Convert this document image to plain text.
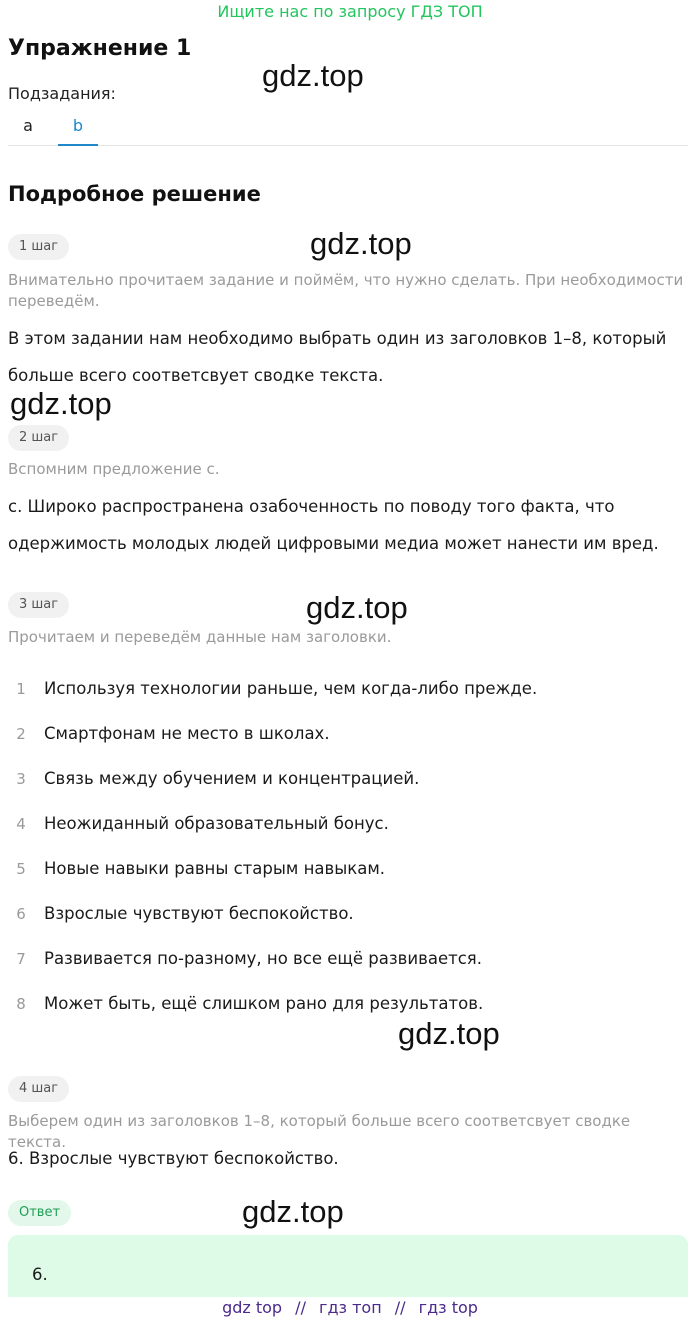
Ищите нас по запросу ГДЗ ТОП
Упражнение 1
Подзадания:
a	b
Подробное решение
gdz.top
gdz.top
gdz.top
gdz.top
gdz.top
gdz.top
1 шаг
Внимательно прочитаем задание и поймём, что нужно сделать. При необходимости переведём.
В этом задании нам необходимо выбрать один из заголовков 1–8, который больше всего соответсвует сводке текста.
2 шаг
Вспомним предложение c.
c. Широко распространена озабоченность по поводу того факта, что одержимость молодых людей цифровыми медиа может нанести им вред.
3 шаг
Прочитаем и переведём данные нам заголовки.
1	Используя технологии раньше, чем когда-либо прежде.
2	Смартфонам не место в школах.
3	Связь между обучением и концентрацией.
4	Неожиданный образовательный бонус.
5	Новые навыки равны старым навыкам.
6	Взрослые чувствуют беспокойство.
7	Развивается по-разному, но все ещё развивается.
8	Может быть, ещё слишком рано для результатов.
4 шаг
Выберем один из заголовков 1–8, который больше всего соответсвует сводке текста.
6. Взрослые чувствуют беспокойство.
Ответ
6.
gdz top // гдз топ // гдз top
